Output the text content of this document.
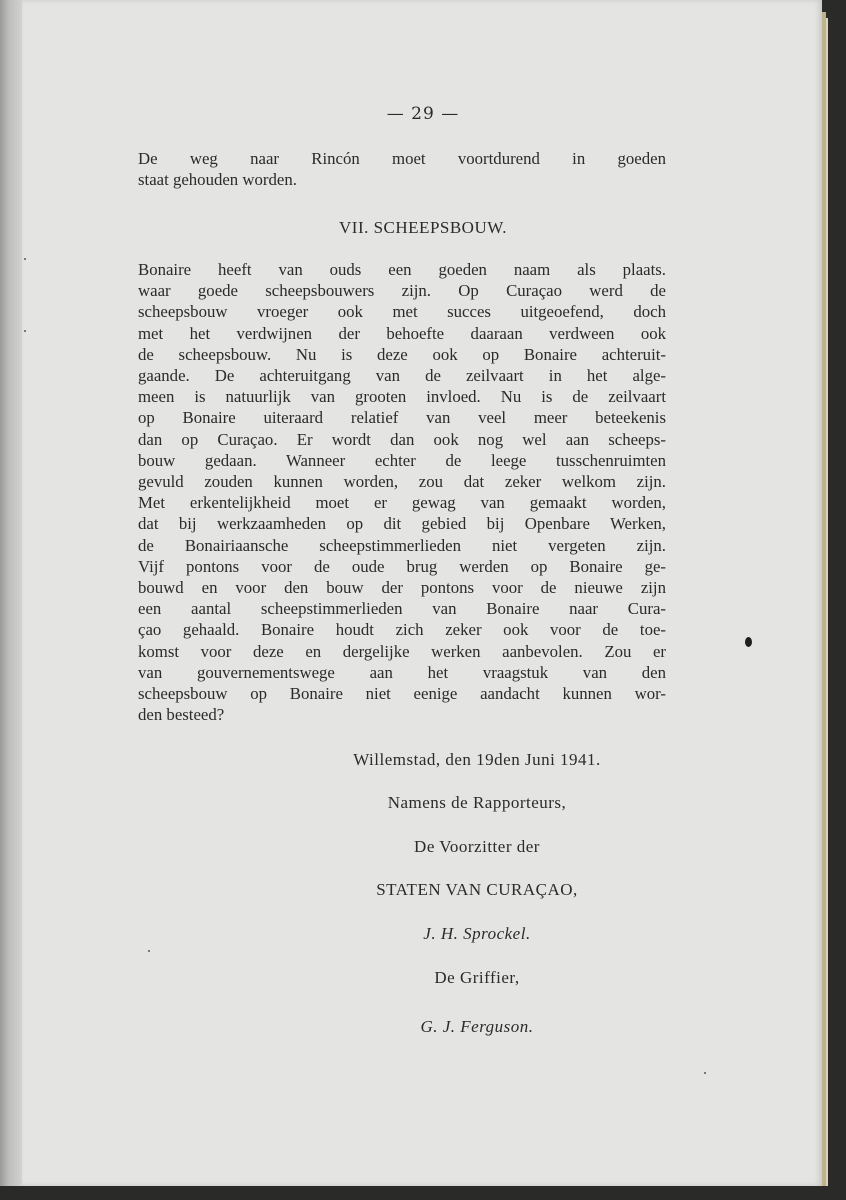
— 29 —
De weg naar Rincón moet voortdurend in goeden
staat gehouden worden.
VII. SCHEEPSBOUW.
Bonaire heeft van ouds een goeden naam als plaats.
waar goede scheepsbouwers zijn. Op Curaçao werd de
scheepsbouw vroeger ook met succes uitgeoefend, doch
met het verdwijnen der behoefte daaraan verdween ook
de scheepsbouw. Nu is deze ook op Bonaire achteruit-
gaande. De achteruitgang van de zeilvaart in het alge-
meen is natuurlijk van grooten invloed. Nu is de zeilvaart
op Bonaire uiteraard relatief van veel meer beteekenis
dan op Curaçao. Er wordt dan ook nog wel aan scheeps-
bouw gedaan. Wanneer echter de leege tusschenruimten
gevuld zouden kunnen worden, zou dat zeker welkom zijn.
Met erkentelijkheid moet er gewag van gemaakt worden,
dat bij werkzaamheden op dit gebied bij Openbare Werken,
de Bonairiaansche scheepstimmerlieden niet vergeten zijn.
Vijf pontons voor de oude brug werden op Bonaire ge-
bouwd en voor den bouw der pontons voor de nieuwe zijn
een aantal scheepstimmerlieden van Bonaire naar Cura-
çao gehaald. Bonaire houdt zich zeker ook voor de toe-
komst voor deze en dergelijke werken aanbevolen. Zou er
van gouvernementswege aan het vraagstuk van den
scheepsbouw op Bonaire niet eenige aandacht kunnen wor-
den besteed?
Willemstad, den 19den Juni 1941.
Namens de Rapporteurs,
De Voorzitter der
STATEN VAN CURAÇAO,
J. H. Sprockel.
De Griffier,
G. J. Ferguson.
